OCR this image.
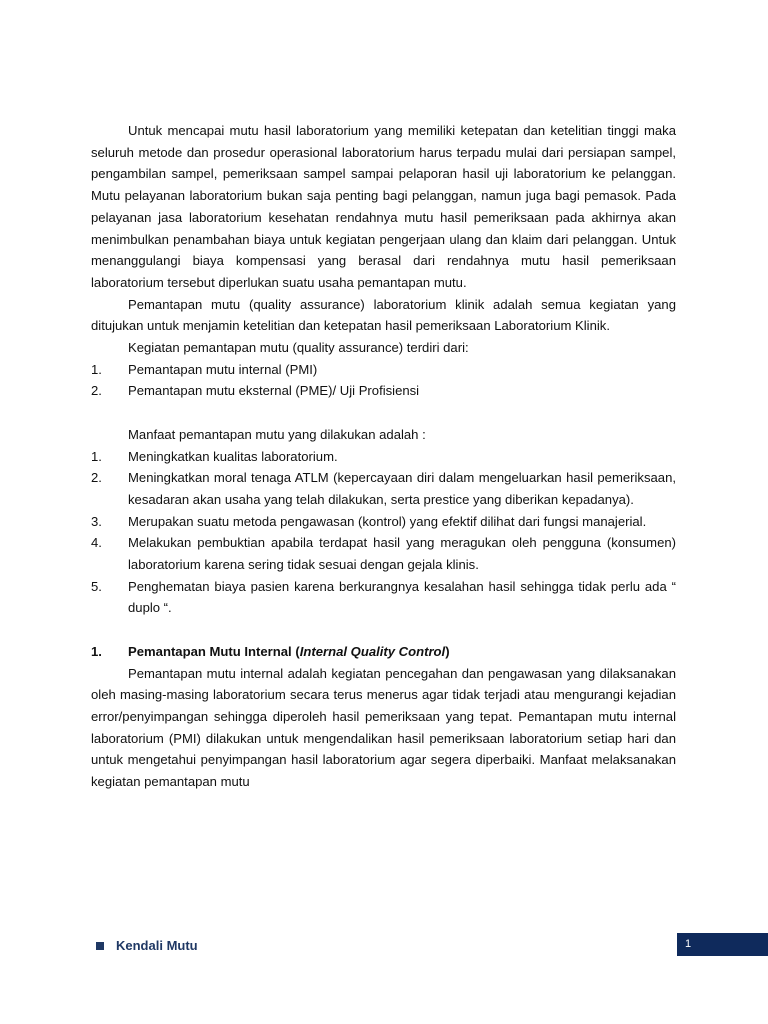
Untuk mencapai mutu hasil laboratorium yang memiliki ketepatan dan ketelitian tinggi maka seluruh metode dan prosedur operasional laboratorium harus terpadu mulai dari persiapan sampel, pengambilan sampel, pemeriksaan sampel sampai pelaporan hasil uji laboratorium ke pelanggan. Mutu pelayanan laboratorium bukan saja penting bagi pelanggan, namun juga bagi pemasok. Pada pelayanan jasa laboratorium kesehatan rendahnya mutu hasil pemeriksaan pada akhirnya akan menimbulkan penambahan biaya untuk kegiatan pengerjaan ulang dan klaim dari pelanggan. Untuk menanggulangi biaya kompensasi yang berasal dari rendahnya mutu hasil pemeriksaan laboratorium tersebut diperlukan suatu usaha pemantapan mutu.

Pemantapan mutu (quality assurance) laboratorium klinik adalah semua kegiatan yang ditujukan untuk menjamin ketelitian dan ketepatan hasil pemeriksaan Laboratorium Klinik.

Kegiatan pemantapan mutu (quality assurance) terdiri dari:

1. Pemantapan mutu internal (PMI)
2. Pemantapan mutu eksternal (PME)/ Uji Profisiensi

Manfaat pemantapan mutu yang dilakukan adalah :

1. Meningkatkan kualitas laboratorium.
2. Meningkatkan moral tenaga ATLM (kepercayaan diri dalam mengeluarkan hasil pemeriksaan, kesadaran akan usaha yang telah dilakukan, serta prestice yang diberikan kepadanya).
3. Merupakan suatu metoda pengawasan (kontrol) yang efektif dilihat dari fungsi manajerial.
4. Melakukan pembuktian apabila terdapat hasil yang meragukan oleh pengguna (konsumen) laboratorium karena sering tidak sesuai dengan gejala klinis.
5. Penghematan biaya pasien karena berkurangnya kesalahan hasil sehingga tidak perlu ada “ duplo “.
1. Pemantapan Mutu Internal (Internal Quality Control)

Pemantapan mutu internal adalah kegiatan pencegahan dan pengawasan yang dilaksanakan oleh masing-masing laboratorium secara terus menerus agar tidak terjadi atau mengurangi kejadian error/penyimpangan sehingga diperoleh hasil pemeriksaan yang tepat. Pemantapan mutu internal laboratorium (PMI) dilakukan untuk mengendalikan hasil pemeriksaan laboratorium setiap hari dan untuk mengetahui penyimpangan hasil laboratorium agar segera diperbaiki. Manfaat melaksanakan kegiatan pemantapan mutu

Kendali Mutu	1
